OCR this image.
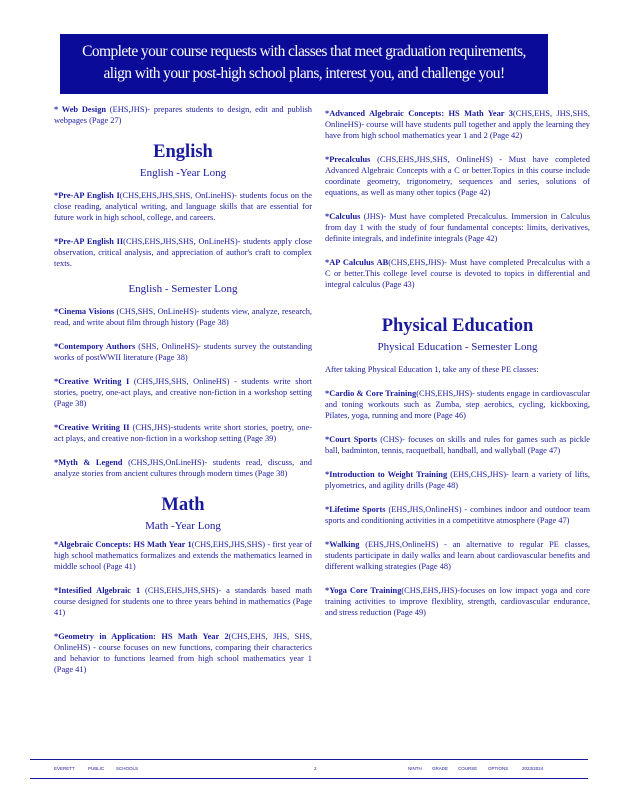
Complete your course requests with classes that meet graduation requirements,
align with your post-high school plans, interest you, and challenge you!

* Web Design (EHS,JHS)- prepares students to design, edit and publish webpages (Page 27)

English
English -Year Long

*Pre-AP English I(CHS,EHS,JHS,SHS, OnLineHS)- students focus on the close reading, analytical writing, and language skills that are essential for future work in high school, college, and careers.

*Pre-AP English II(CHS,EHS,JHS,SHS, OnLineHS)- students apply close observation, critical analysis, and appreciation of author's craft to complex texts.

English - Semester Long

*Cinema Visions (CHS,SHS, OnLineHS)- students view, analyze, research, read, and write about film through history (Page 38)

*Contempory Authors (SHS, OnlineHS)- students survey the outstanding works of postWWII literature (Page 38)

*Creative Writing I (CHS,JHS,SHS, OnlineHS) - students write short stories, poetry, one-act plays, and creative non-fiction in a workshop setting (Page 38)

*Creative Writing II (CHS,JHS)-students write short stories, poetry, one-act plays, and creative non-fiction in a workshop setting (Page 39)

*Myth & Legend (CHS,JHS,OnLineHS)- students read, discuss, and analyze stories from ancient cultures through modern times (Page 38)

Math
Math -Year Long

*Algebraic Concepts: HS Math Year 1(CHS,EHS,JHS,SHS) - first year of high school mathematics formalizes and extends the mathematics learned in middle school (Page 41)

*Intesified Algebraic 1 (CHS,EHS,JHS,SHS)- a standards based math course designed for students one to three years behind in mathematics (Page 41)

*Geometry in Application: HS Math Year 2(CHS,EHS, JHS, SHS, OnlineHS) - course focuses on new functions, comparing their characterics and behavior to functions learned from high school mathematics year 1 (Page 41)

*Advanced Algebraic Concepts: HS Math Year 3(CHS,EHS, JHS,SHS, OnlineHS)- course will have students pull together and apply the learning they have from high school mathematics year 1 and 2 (Page 42)

*Precalculus (CHS,EHS,JHS,SHS, OnlineHS) - Must have completed Advanced Algebraic Concepts with a C or better.Topics in this course include coordinate geometry, trigonometry, sequences and series, solutions of equations, as well as many other topics (Page 42)

*Calculus (JHS)- Must have completed Precalculus. Immersion in Calculus from day 1 with the study of four fundamental concepts: limits, derivatives, definite integrals, and indefinite integrals (Page 42)

*AP Calculus AB(CHS,EHS,JHS)- Must have completed Precalculus with a C or better.This college level course is devoted to topics in differential and integral calculus (Page 43)

Physical Education
Physical Education - Semester Long

After taking Physical Education 1, take any of these PE classes:

*Cardio & Core Training(CHS,EHS,JHS)- students engage in cardiovascular and toning workouts such as Zumba, step aerobics, cycling, kickboxing, Pilates, yoga, running and more (Page 46)

*Court Sports (CHS)- focuses on skills and rules for games such as pickle ball, badminton, tennis, racquetball, handball, and wallyball (Page 47)

*Introduction to Weight Training (EHS,CHS,JHS)- learn a variety of lifts, plyometrics, and agility drills (Page 48)

*Lifetime Sports (EHS,JHS,OnlineHS) - combines indoor and outdoor team sports and conditioning activities in a competititve atmosphere (Page 47)

*Walking (EHS,JHS,OnlineHS) - an alternative to regular PE classes, students participate in daily walks and learn about cardiovascular benefits and different walking strategies (Page 48)

*Yoga Core Training(CHS,EHS,JHS)-focuses on low impact yoga and core training activities to improve flexiblity, strength, cardiovascular endurance, and stress reduction (Page 49)

EVERETT	PUBLIC	SCHOOLS	2	NINTH GRADE COURSE OPTIONS	2023/2024
